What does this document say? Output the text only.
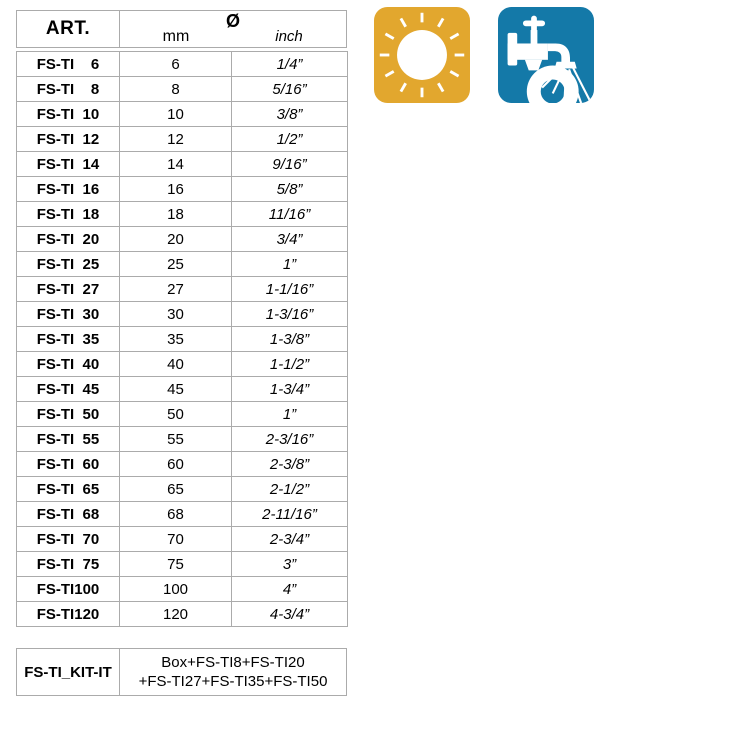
ART.	Ø
mm	inch
FS-TI    6	6	1/4”
FS-TI    8	8	5/16”
FS-TI  10	10	3/8”
FS-TI  12	12	1/2”
FS-TI  14	14	9/16”
FS-TI  16	16	5/8”
FS-TI  18	18	11/16”
FS-TI  20	20	3/4”
FS-TI  25	25	1”
FS-TI  27	27	1-1/16”
FS-TI  30	30	1-3/16”
FS-TI  35	35	1-3/8”
FS-TI  40	40	1-1/2”
FS-TI  45	45	1-3/4”
FS-TI  50	50	1”
FS-TI  55	55	2-3/16”
FS-TI  60	60	2-3/8”
FS-TI  65	65	2-1/2”
FS-TI  68	68	2-11/16”
FS-TI  70	70	2-3/4”
FS-TI  75	75	3”
FS-TI100	100	4”
FS-TI120	120	4-3/4”
FS-TI_KIT-IT	
Box+FS-TI8+FS-TI20
+FS-TI27+FS-TI35+FS-TI50
